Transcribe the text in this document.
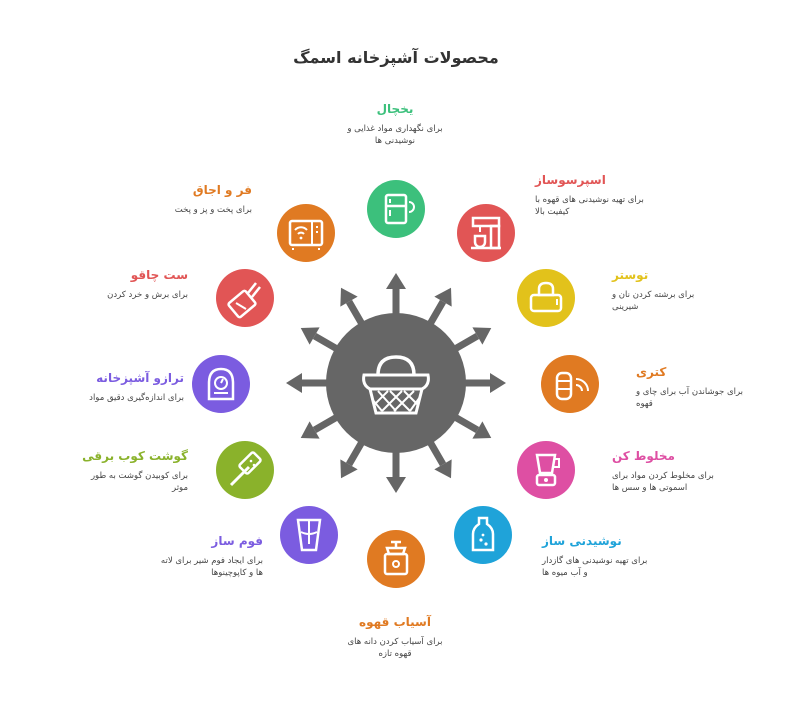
محصولات آشپزخانه اسمگ
یخچال
برای نگهداری مواد غذایی و نوشیدنی ها
اسپرسوساز
برای تهیه نوشیدنی های قهوه با کیفیت بالا
توستر
برای برشته کردن نان و شیرینی
کتری
برای جوشاندن آب برای چای و قهوه
مخلوط کن
برای مخلوط کردن مواد برای اسموتی ها و سس ها
نوشیدنی ساز
برای تهیه نوشیدنی های گازدار و آب میوه ها
آسیاب قهوه
برای آسیاب کردن دانه های قهوه تازه
فوم ساز
برای ایجاد فوم شیر برای لاته ها و کاپوچینوها
گوشت کوب برقی
برای کوبیدن گوشت به طور موثر
ترازو آشپزخانه
برای اندازه‌گیری دقیق مواد
ست چاقو
برای برش و خرد کردن
فر و اجاق
برای پخت و پز و پخت
